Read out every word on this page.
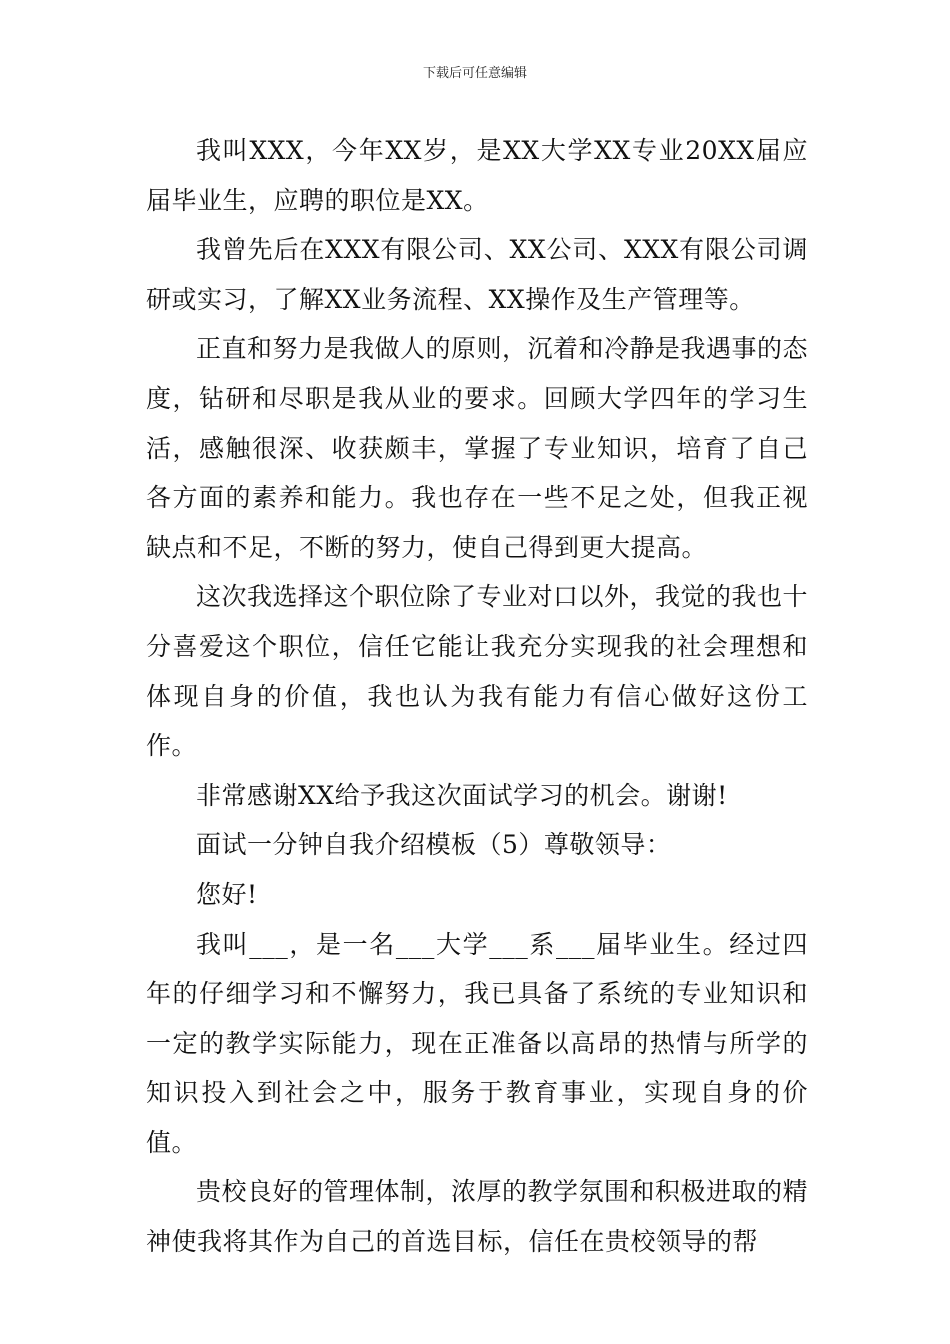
下载后可任意编辑

我叫XXX，今年XX岁，是XX大学XX专业20XX届应届毕业生，应聘的职位是XX。

我曾先后在XXX有限公司、XX公司、XXX有限公司调研或实习，了解XX业务流程、XX操作及生产管理等。

正直和努力是我做人的原则，沉着和冷静是我遇事的态度，钻研和尽职是我从业的要求。回顾大学四年的学习生活，感触很深、收获颇丰，掌握了专业知识，培育了自己各方面的素养和能力。我也存在一些不足之处，但我正视缺点和不足，不断的努力，使自己得到更大提高。

这次我选择这个职位除了专业对口以外，我觉的我也十分喜爱这个职位，信任它能让我充分实现我的社会理想和体现自身的价值，我也认为我有能力有信心做好这份工作。

非常感谢XX给予我这次面试学习的机会。谢谢!

面试一分钟自我介绍模板（5）尊敬领导：

您好!

我叫___，是一名___大学___系___届毕业生。经过四年的仔细学习和不懈努力，我已具备了系统的专业知识和一定的教学实际能力，现在正准备以高昂的热情与所学的知识投入到社会之中，服务于教育事业，实现自身的价值。

贵校良好的管理体制，浓厚的教学氛围和积极进取的精神使我将其作为自己的首选目标，信任在贵校领导的帮
